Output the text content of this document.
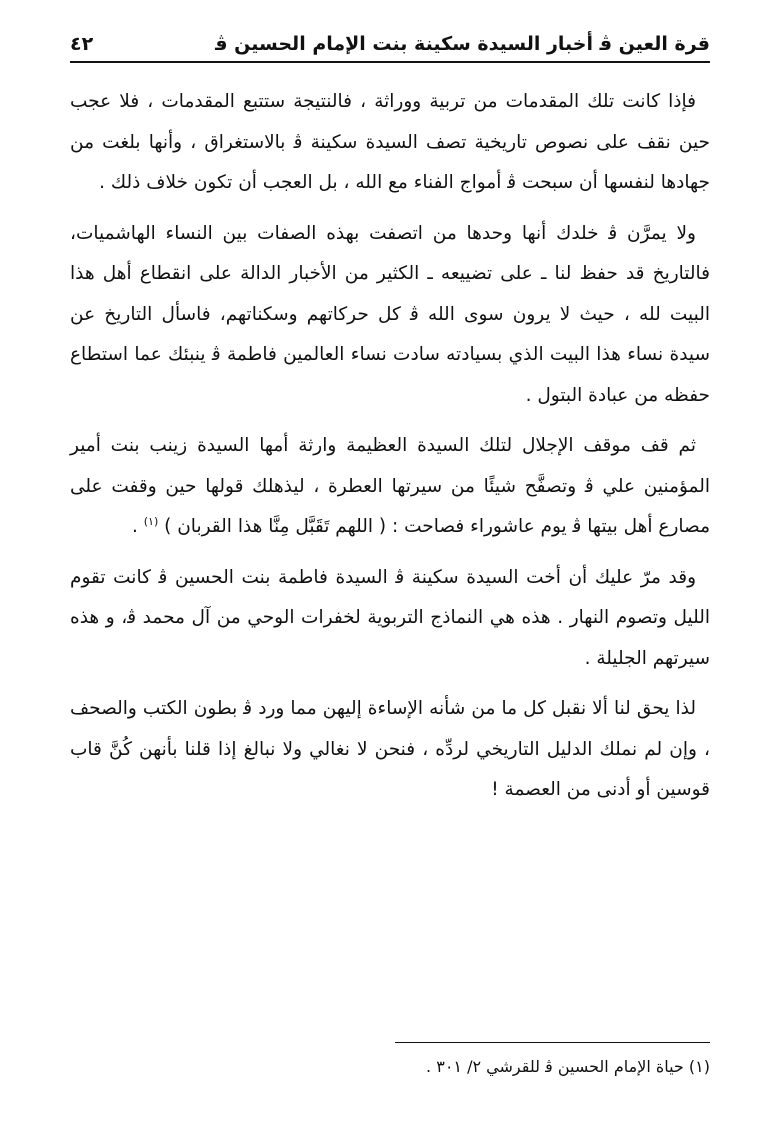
قرة العين ﭬ أخبار السيدة سكينة بنت الإمام الحسين ﭬ
٤٢

فإذا كانت تلك المقدمات من تربية ووراثة ، فالنتيجة ستتبع المقدمات ، فلا عجب حين نقف على نصوص تاريخية تصف السيدة سكينة ﭬ بالاستغراق ، وأنها بلغت من جهادها لنفسها أن سبحت ﭬ أمواج الفناء مع الله ، بل العجب أن تكون خلاف ذلك .

ولا يمرَّن ﭬ خلدك أنها وحدها من اتصفت بهذه الصفات بين النساء الهاشميات، فالتاريخ قد حفظ لنا ـ على تضييعه ـ الكثير من الأخبار الدالة على انقطاع أهل هذا البيت لله ، حيث لا يرون سوى الله ﭬ كل حركاتهم وسكناتهم، فاسأل التاريخ عن سيدة نساء هذا البيت الذي بسيادته سادت نساء العالمين فاطمة ﭬ ينبئك عما استطاع حفظه من عبادة البتول .

ثم قف موقف الإجلال لتلك السيدة العظيمة وارثة أمها السيدة زينب بنت أمير المؤمنين علي ﭬ وتصفَّح شيئًا من سيرتها العطرة ، ليذهلك قولها حين وقفت على مصارع أهل بيتها ﭬ يوم عاشوراء فصاحت : ( اللهم تَقَبَّل مِنَّا هذا القربان ) $^{(١)}$ .

وقد مرّ عليك أن أخت السيدة سكينة ﭬ السيدة فاطمة بنت الحسين ﭬ كانت تقوم الليل وتصوم النهار . هذه هي النماذج التربوية لخفرات الوحي من آل محمد ﭬ، و هذه سيرتهم الجليلة .

لذا يحق لنا ألا نقبل كل ما من شأنه الإساءة إليهن مما ورد ﭬ بطون الكتب والصحف ، وإن لم نملك الدليل التاريخي لردِّه ، فنحن لا نغالي ولا نبالغ إذا قلنا بأنهن كُنَّ قاب قوسين أو أدنى من العصمة !

(١) حياة الإمام الحسين ﭬ للقرشي ٢/ ٣٠١ .
